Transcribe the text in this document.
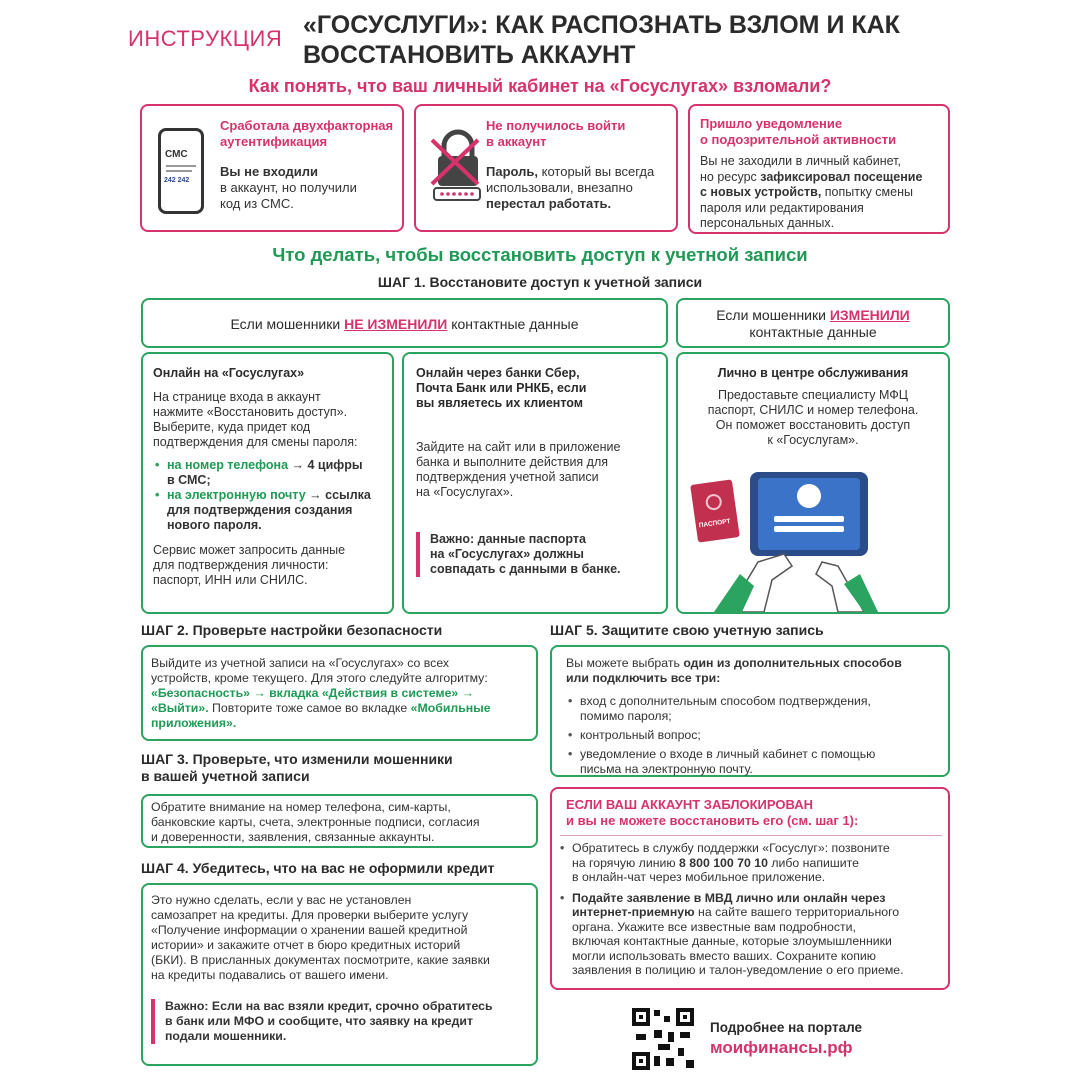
ИНСТРУКЦИЯ «ГОСУСЛУГИ»: КАК РАСПОЗНАТЬ ВЗЛОМ И КАК
ВОССТАНОВИТЬ АККАУНТ
Как понять, что ваш личный кабинет на «Госуслугах» взломали?
СМС
242 242
Сработала двухфакторная
аутентификация
Вы не входили
в аккаунт, но получили
код из СМС.
Не получилось войти
в аккаунт
Пароль, который вы всегда
использовали, внезапно
перестал работать.
Пришло уведомление
о подозрительной активности
Вы не заходили в личный кабинет,
но ресурс зафиксировал посещение
с новых устройств, попытку смены
пароля или редактирования
персональных данных.
Что делать, чтобы восстановить доступ к учетной записи
ШАГ 1. Восстановите доступ к учетной записи
Если мошенники НЕ ИЗМЕНИЛИ контактные данные
Если мошенники ИЗМЕНИЛИ
контактные данные
Онлайн на «Госуслугах»
На странице входа в аккаунт
нажмите «Восстановить доступ».
Выберите, куда придет код
подтверждения для смены пароля:
• на номер телефона → 4 цифры
в СМС;
• на электронную почту → ссылка
для подтверждения создания
нового пароля.
Сервис может запросить данные
для подтверждения личности:
паспорт, ИНН или СНИЛС.
Онлайн через банки Сбер,
Почта Банк или РНКБ, если
вы являетесь их клиентом
Зайдите на сайт или в приложение
банка и выполните действия для
подтверждения учетной записи
на «Госуслугах».
Важно: данные паспорта
на «Госуслугах» должны
совпадать с данными в банке.
Лично в центре обслуживания
Предоставьте специалисту МФЦ
паспорт, СНИЛС и номер телефона.
Он поможет восстановить доступ
к «Госуслугам».
ПАСПОРТ
ШАГ 2. Проверьте настройки безопасности
Выйдите из учетной записи на «Госуслугах» со всех
устройств, кроме текущего. Для этого следуйте алгоритму:
«Безопасность» → вкладка «Действия в системе» →
«Выйти». Повторите тоже самое во вкладке «Мобильные
приложения».
ШАГ 3. Проверьте, что изменили мошенники
в вашей учетной записи
Обратите внимание на номер телефона, сим-карты,
банковские карты, счета, электронные подписи, согласия
и доверенности, заявления, связанные аккаунты.
ШАГ 4. Убедитесь, что на вас не оформили кредит
Это нужно сделать, если у вас не установлен
самозапрет на кредиты. Для проверки выберите услугу
«Получение информации о хранении вашей кредитной
истории» и закажите отчет в бюро кредитных историй
(БКИ). В присланных документах посмотрите, какие заявки
на кредиты подавались от вашего имени.
Важно: Если на вас взяли кредит, срочно обратитесь
в банк или МФО и сообщите, что заявку на кредит
подали мошенники.
ШАГ 5. Защитите свою учетную запись
Вы можете выбрать один из дополнительных способов
или подключить все три:
• вход с дополнительным способом подтверждения,
помимо пароля;
• контрольный вопрос;
• уведомление о входе в личный кабинет с помощью
письма на электронную почту.
ЕСЛИ ВАШ АККАУНТ ЗАБЛОКИРОВАН
и вы не можете восстановить его (см. шаг 1):
• Обратитесь в службу поддержки «Госуслуг»: позвоните
на горячую линию 8 800 100 70 10 либо напишите
в онлайн-чат через мобильное приложение.
• Подайте заявление в МВД лично или онлайн через
интернет-приемную на сайте вашего территориального
органа. Укажите все известные вам подробности,
включая контактные данные, которые злоумышленники
могли использовать вместо ваших. Сохраните копию
заявления в полицию и талон-уведомление о его приеме.
Подробнее на портале
моифинансы.рф
